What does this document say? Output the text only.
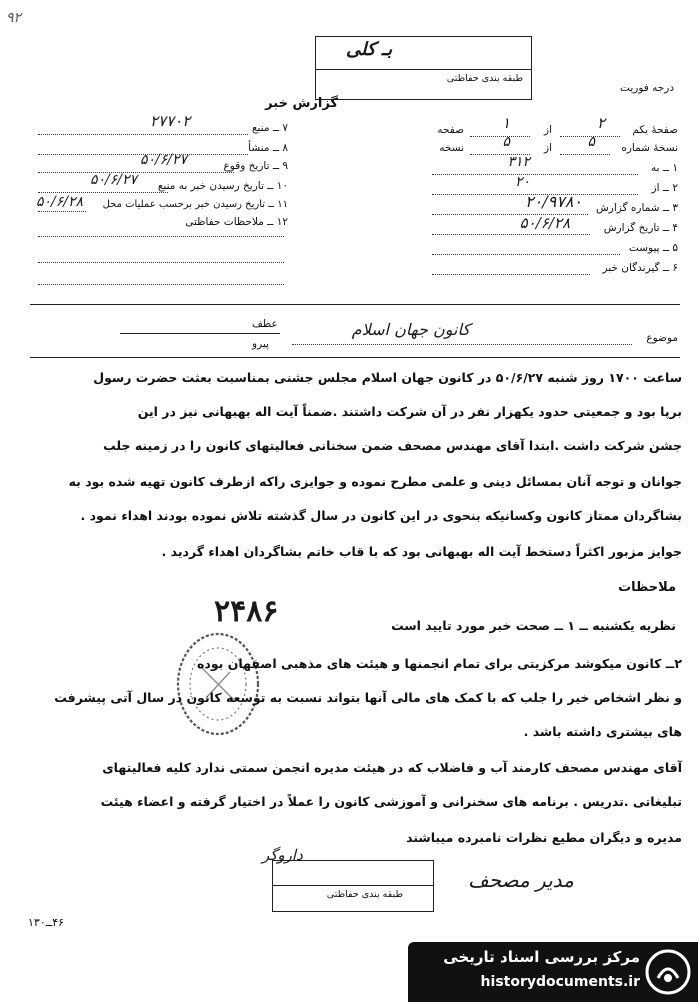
۹۲
بـ کلی
طبقه بندی حفاظتی
درجه فوریت
گزارش خبر
صفحهٔ یکم
۲
از
۱
صفحه
نسخهٔ شماره
۵
از
۵
نسخه
۱ ــ به
۳۱۲
۲ ــ از
۲۰
۳ ــ شماره گزارش
۲۰/۹۷۸۰
۴ ــ تاریخ گزارش
۵۰/۶/۲۸
۵ ــ پیوست
۶ ــ گیرندگان خبر
۷ ــ منبع
۲۷۷۰۲
۸ ــ منشأ
۹ ــ تاریخ وقوع
۵۰/۶/۲۷
۱۰ ــ تاریخ رسیدن خبر به منبع
۵۰/۶/۲۷
۱۱ ــ تاریخ رسیدن خبر برحسب عملیات محل
۵۰/۶/۲۸
۱۲ ــ ملاحظات حفاظتی
موضوع
کانون جهان اسلام
عطف
پیرو
ساعت ۱۷۰۰ روز شنبه ۵۰/۶/۲۷ در کانون جهان اسلام مجلس جشنی بمناسبت بعثت حضرت رسول
برپا بود و جمعیتی حدود یکهزار نفر در آن شرکت داشتند .ضمناً آیت اله بهبهانی نیز در این
جشن شرکت داشت .ابتدا آقای مهندس مصحف ضمن سخنانی فعالیتهای کانون را در زمینه جلب
جوانان و توجه آنان بمسائل دینی و علمی مطرح نموده و جوایزی راکه ازطرف کانون تهیه شده بود به
بشاگردان ممتاز کانون وکسانیکه بنحوی در این کانون در سال گذشته تلاش نموده بودند اهداء نمود .
جوایز مزبور اکثراً دستخط آیت اله بهبهانی بود که با قاب خاتم بشاگردان اهداء گردید .
ملاحظات
نظریه یکشنبه ــ ۱ ــ صحت خبر مورد تایید است
۲۴۸۶
۲ــ کانون میکوشد مرکزیتی برای تمام انجمنها و هیئت های مذهبی اصفهان بوده
و نظر اشخاص خیر را جلب که با کمک های مالی آنها بتواند نسبت به توسعه کانون در سال آتی پیشرفت
های بیشتری داشته باشد .
آقای مهندس مصحف کارمند آب و فاضلاب که در هیئت مدیره انجمن سمتی ندارد کلیه فعالیتهای
تبلیغاتی .تدریس . برنامه های سخنرانی و آموزشی کانون را عملاً در اختیار گرفته و اعضاء هیئت
مدیره و دیگران مطیع نظرات نامبرده میباشند
داروگر
مدیر مصحف
طبقه بندی حفاظتی
۴۶ــ۱۳۰
مرکز بررسی اسناد تاریخی
historydocuments.ir
